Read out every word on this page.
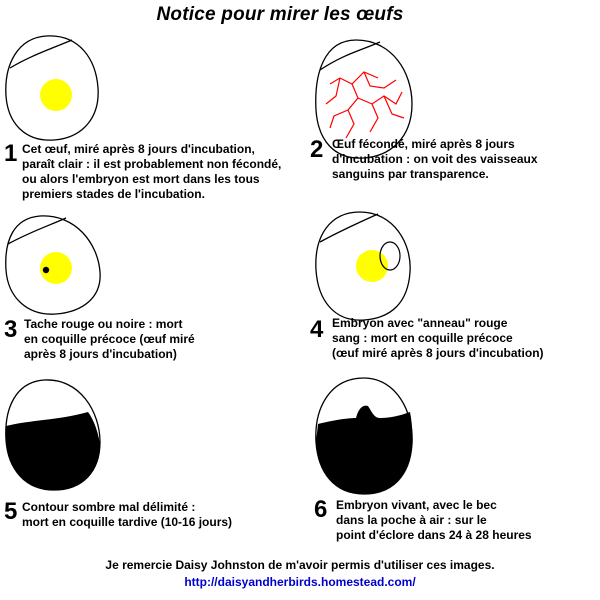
Notice pour mirer les œufs
1 Cet œuf, miré après 8 jours d'incubation,
paraît clair : il est probablement non fécondé,
ou alors l'embryon est mort dans les tous
premiers stades de l'incubation.
2 Œuf fécondé, miré après 8 jours
d'incubation : on voit des vaisseaux
sanguins par transparence.
3 Tache rouge ou noire : mort
en coquille précoce (œuf miré
après 8 jours d'incubation)
4 Embryon avec "anneau" rouge
sang : mort en coquille précoce
(œuf miré après 8 jours d'incubation)
5 Contour sombre mal délimité :
mort en coquille tardive (10-16 jours)	6 Embryon vivant, avec le bec
dans la poche à air : sur le
point d'éclore dans 24 à 28 heures
Je remercie Daisy Johnston de m'avoir permis d'utiliser ces images.
http://daisyandherbirds.homestead.com/
